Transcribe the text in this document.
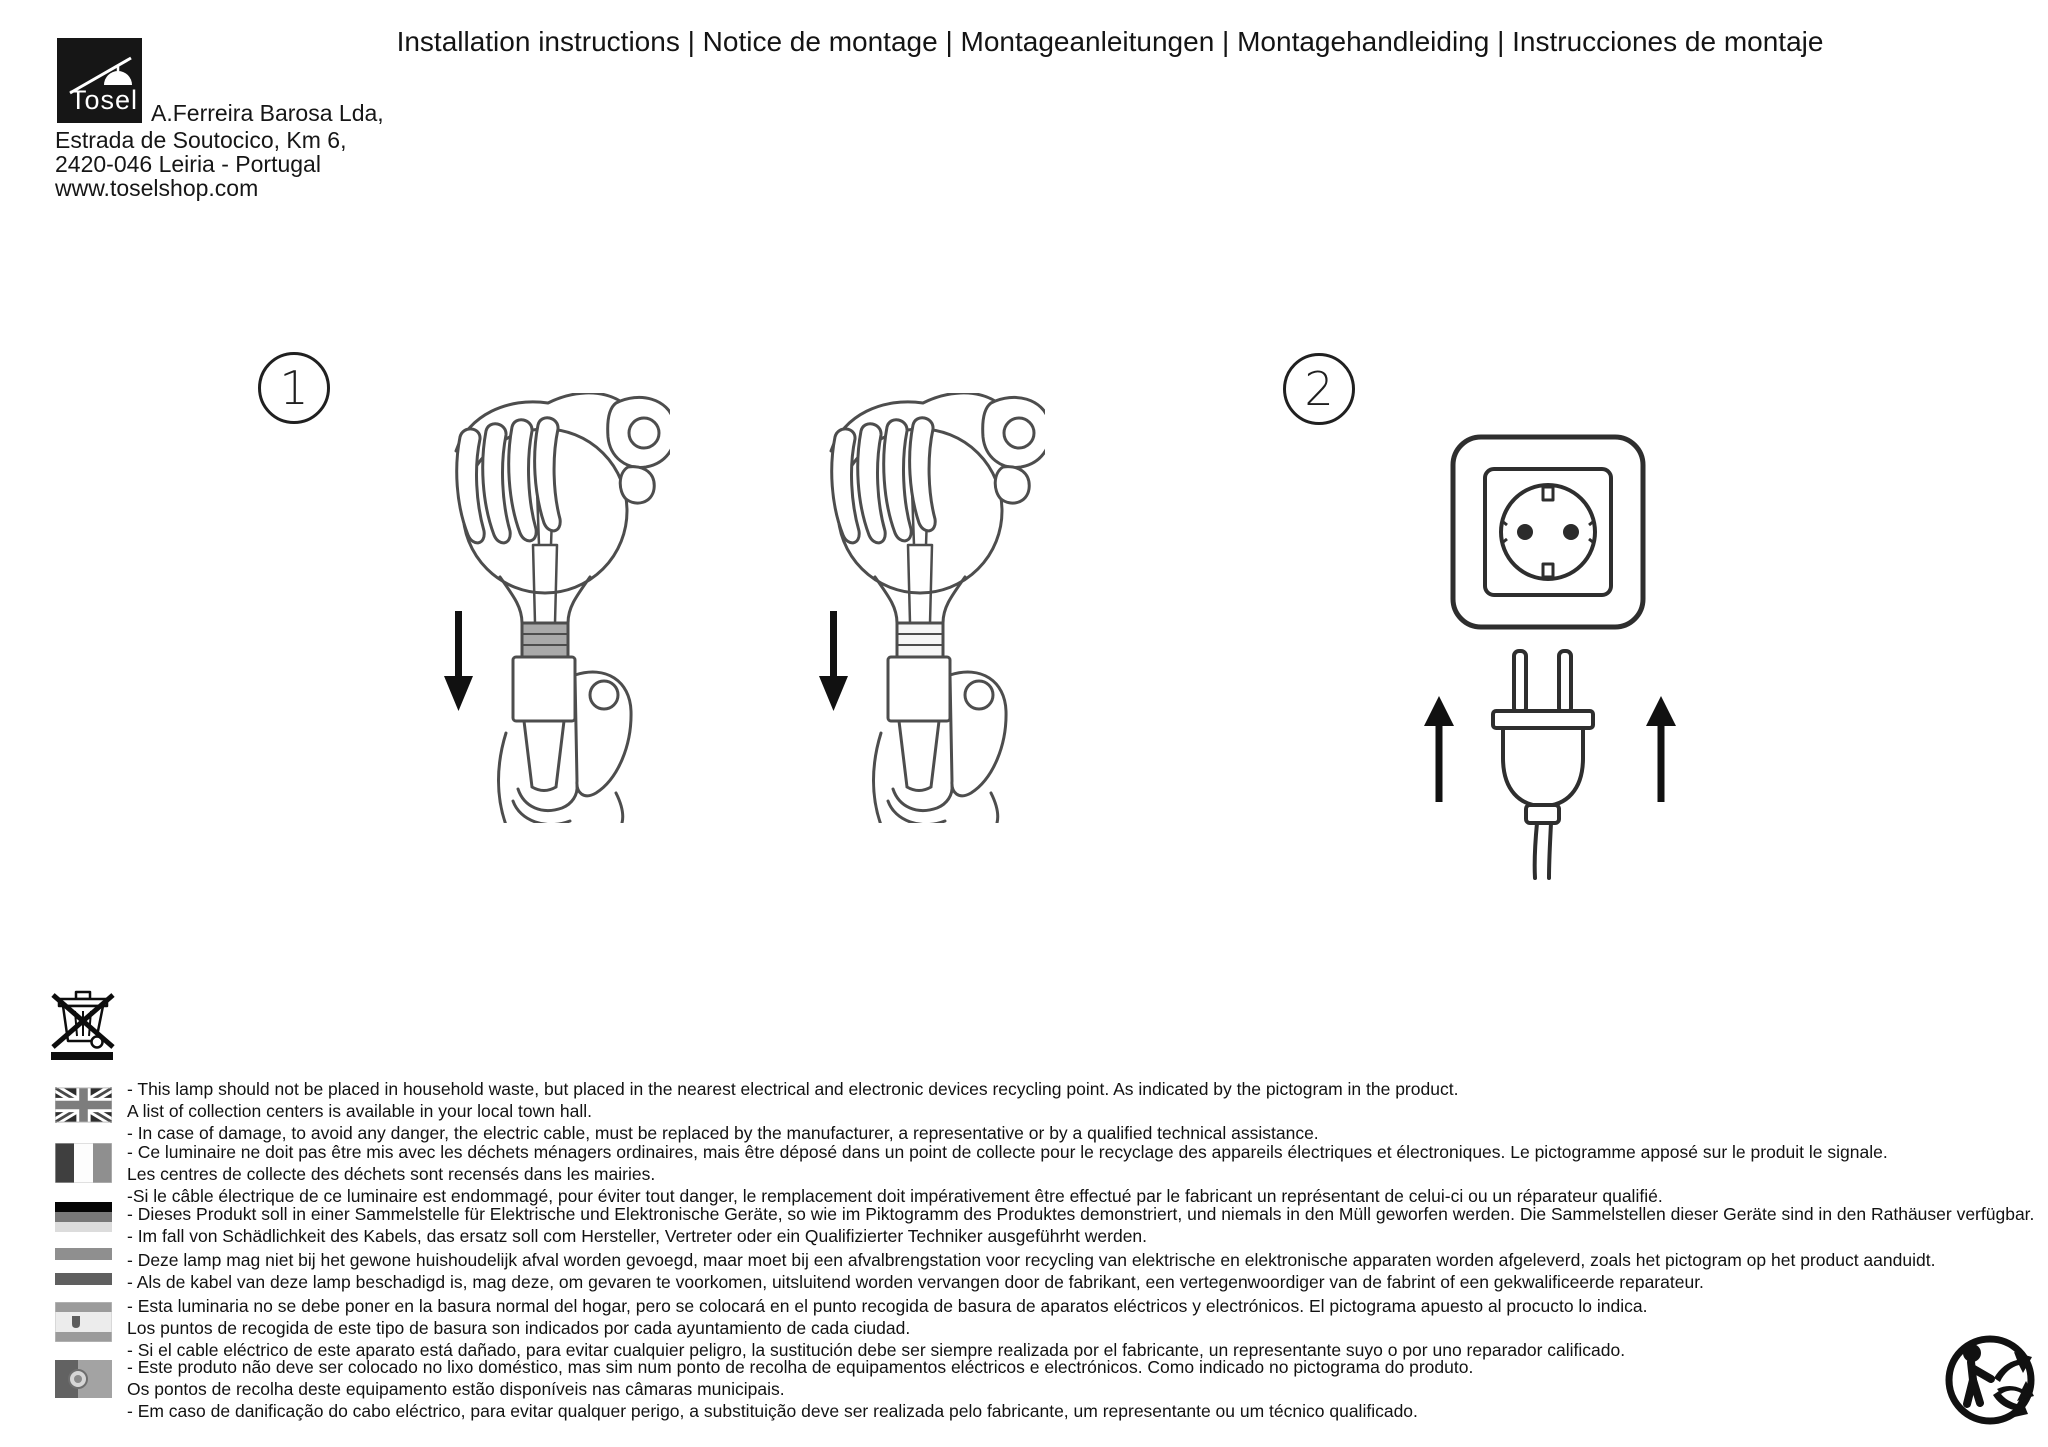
Tosel
Installation instructions | Notice de montage | Montageanleitungen | Montagehandleiding | Instrucciones de montaje
A.Ferreira Barosa Lda,
Estrada de Soutocico, Km 6,
2420-046 Leiria - Portugal
www.toselshop.com
1	2
- This lamp should not be placed in household waste, but placed in the nearest electrical and electronic devices recycling point. As indicated by the pictogram in the product.
A list of collection centers is available in your local town hall.
- In case of damage, to avoid any danger, the electric cable, must be replaced by the manufacturer, a representative or by a qualified technical assistance.
- Ce luminaire ne doit pas être mis avec les déchets ménagers ordinaires, mais être déposé dans un point de collecte pour le recyclage des appareils électriques et électroniques. Le pictogramme apposé sur le produit le signale.
Les centres de collecte des déchets sont recensés dans les mairies.
-Si le câble électrique de ce luminaire est endommagé, pour éviter tout danger, le remplacement doit impérativement être effectué par le fabricant un représentant de celui-ci ou un réparateur qualifié.
- Dieses Produkt soll in einer Sammelstelle für Elektrische und Elektronische Geräte, so wie im Piktogramm des Produktes demonstriert, und niemals in den Müll geworfen werden. Die Sammelstellen dieser Geräte sind in den Rathäuser verfügbar.
- Im fall von Schädlichkeit des Kabels, das ersatz soll com Hersteller, Vertreter oder ein Qualifizierter Techniker ausgeführht werden.
- Deze lamp mag niet bij het gewone huishoudelijk afval worden gevoegd, maar moet bij een afvalbrengstation voor recycling van elektrische en elektronische apparaten worden afgeleverd, zoals het pictogram op het product aanduidt.
- Als de kabel van deze lamp beschadigd is, mag deze, om gevaren te voorkomen, uitsluitend worden vervangen door de fabrikant, een vertegenwoordiger van de fabrint of een gekwalificeerde reparateur.
- Esta luminaria no se debe poner en la basura normal del hogar, pero se colocará en el punto recogida de basura de aparatos eléctricos y electrónicos. El pictograma apuesto al procucto lo indica.
Los puntos de recogida de este tipo de basura son indicados por cada ayuntamiento de cada ciudad.
- Si el cable eléctrico de este aparato está dañado, para evitar cualquier peligro, la sustitución debe ser siempre realizada por el fabricante, un representante suyo o por uno reparador calificado.
- Este produto não deve ser colocado no lixo doméstico, mas sim num ponto de recolha de equipamentos eléctricos e electrónicos. Como indicado no pictograma do produto.
Os pontos de recolha deste equipamento estão disponíveis nas câmaras municipais.
- Em caso de danificação do cabo eléctrico, para evitar qualquer perigo, a substituição deve ser realizada pelo fabricante, um representante ou um técnico qualificado.
